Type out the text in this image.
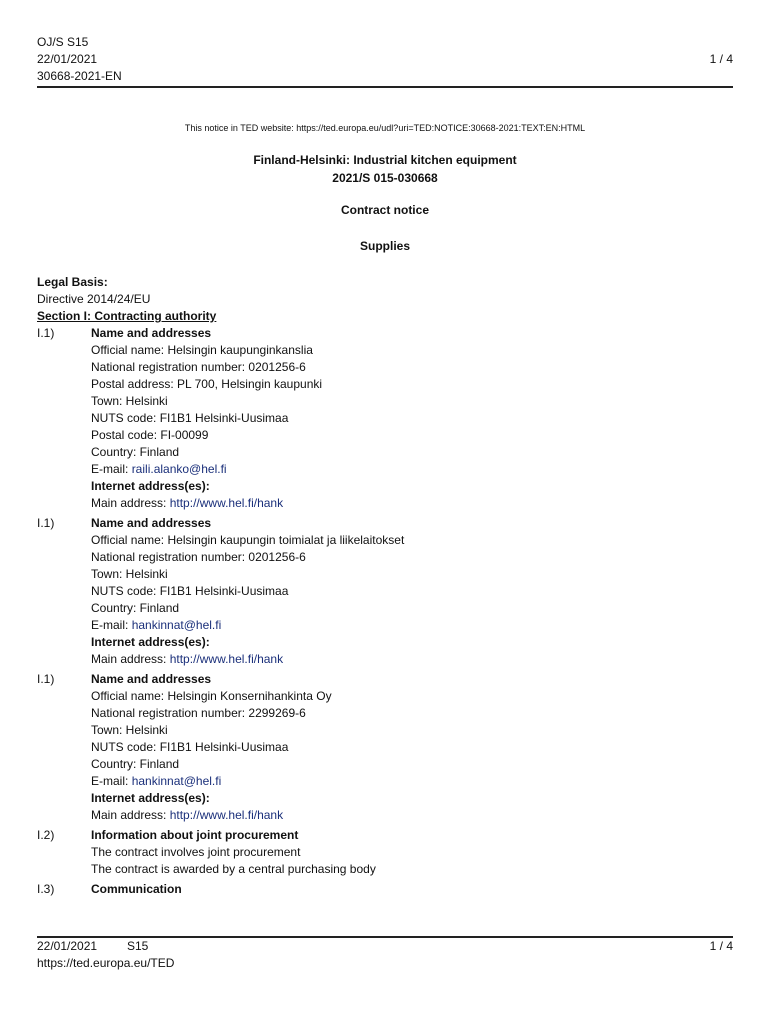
OJ/S S15
22/01/2021
30668-2021-EN
1 / 4
This notice in TED website: https://ted.europa.eu/udl?uri=TED:NOTICE:30668-2021:TEXT:EN:HTML
Finland-Helsinki: Industrial kitchen equipment
2021/S 015-030668
Contract notice
Supplies
Legal Basis:
Directive 2014/24/EU
Section I: Contracting authority
I.1)	Name and addresses
Official name: Helsingin kaupunginkanslia
National registration number: 0201256-6
Postal address: PL 700, Helsingin kaupunki
Town: Helsinki
NUTS code: FI1B1 Helsinki-Uusimaa
Postal code: FI-00099
Country: Finland
E-mail: raili.alanko@hel.fi
Internet address(es):
Main address: http://www.hel.fi/hank
I.1)	Name and addresses
Official name: Helsingin kaupungin toimialat ja liikelaitokset
National registration number: 0201256-6
Town: Helsinki
NUTS code: FI1B1 Helsinki-Uusimaa
Country: Finland
E-mail: hankinnat@hel.fi
Internet address(es):
Main address: http://www.hel.fi/hank
I.1)	Name and addresses
Official name: Helsingin Konsernihankinta Oy
National registration number: 2299269-6
Town: Helsinki
NUTS code: FI1B1 Helsinki-Uusimaa
Country: Finland
E-mail: hankinnat@hel.fi
Internet address(es):
Main address: http://www.hel.fi/hank
I.2)	Information about joint procurement
The contract involves joint procurement
The contract is awarded by a central purchasing body
I.3)	Communication
22/01/2021	S15
https://ted.europa.eu/TED
1 / 4
